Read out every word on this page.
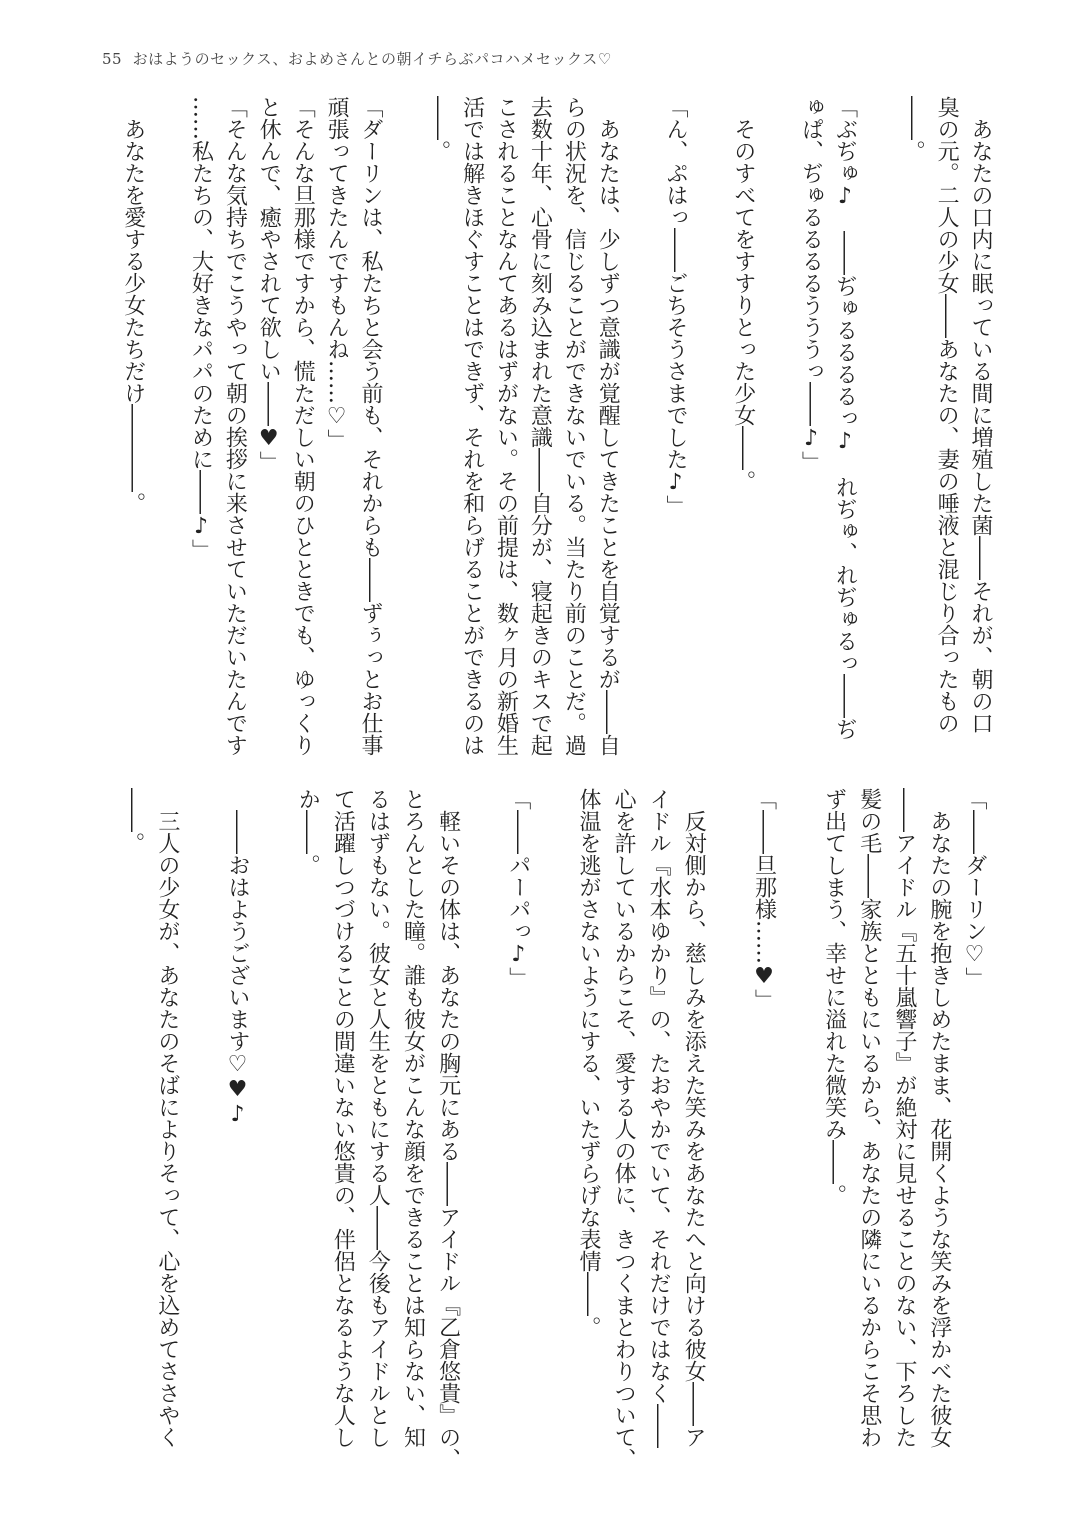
55 おはようのセックス、およめさんとの朝イチらぶパコハメセックス♡
　あなたの口内に眠っている間に増殖した菌――それが、朝の口
臭の元。二人の少女――あなたの、妻の唾液と混じり合ったもの
――。
「ぶぢゅ♪　――ぢゅるるるるっ♪　れぢゅ、れぢゅるっ――ぢ
ゅぱ、ぢゅるるるるうううっ――♪」
　そのすべてをすすりとった少女――。
「ん、ぷはっ――ごちそうさまでした♪」
　あなたは、少しずつ意識が覚醒してきたことを自覚するが――自
らの状況を、信じることができないでいる。当たり前のことだ。過
去数十年、心骨に刻み込まれた意識――自分が、寝起きのキスで起
こされることなんてあるはずがない。その前提は、数ヶ月の新婚生
活では解きほぐすことはできず、それを和らげることができるのは
――。
「ダーリンは、私たちと会う前も、それからも――ずぅっとお仕事
頑張ってきたんですもんね……♡」
「そんな旦那様ですから、慌ただしい朝のひとときでも、ゆっくり
と休んで、癒やされて欲しい――♥」
「そんな気持ちでこうやって朝の挨拶に来させていただいたんです
……私たちの、大好きなパパのために――♪」
　あなたを愛する少女たちだけ――――。
「――ダーリン♡」
　あなたの腕を抱きしめたまま、花開くような笑みを浮かべた彼女
――アイドル『五十嵐響子』が絶対に見せることのない、下ろした
髪の毛――家族とともにいるから、あなたの隣にいるからこそ思わ
ず出てしまう、幸せに溢れた微笑み――。
「――旦那様……♥」
　反対側から、慈しみを添えた笑みをあなたへと向ける彼女――ア
イドル『水本ゆかり』の、たおやかでいて、それだけではなく――
心を許しているからこそ、愛する人の体に、きつくまとわりついて、
体温を逃がさないようにする、いたずらげな表情――。
「――パーパっ♪」
　軽いその体は、あなたの胸元にある――アイドル『乙倉悠貴』の、
とろんとした瞳。誰も彼女がこんな顔をできることは知らない、知
るはずもない。彼女と人生をともにする人――今後もアイドルとし
て活躍しつづけることの間違いない悠貴の、伴侶となるような人し
か――。
　――おはようございます♡♥♪
　三人の少女が、あなたのそばによりそって、心を込めてささやく
――。
